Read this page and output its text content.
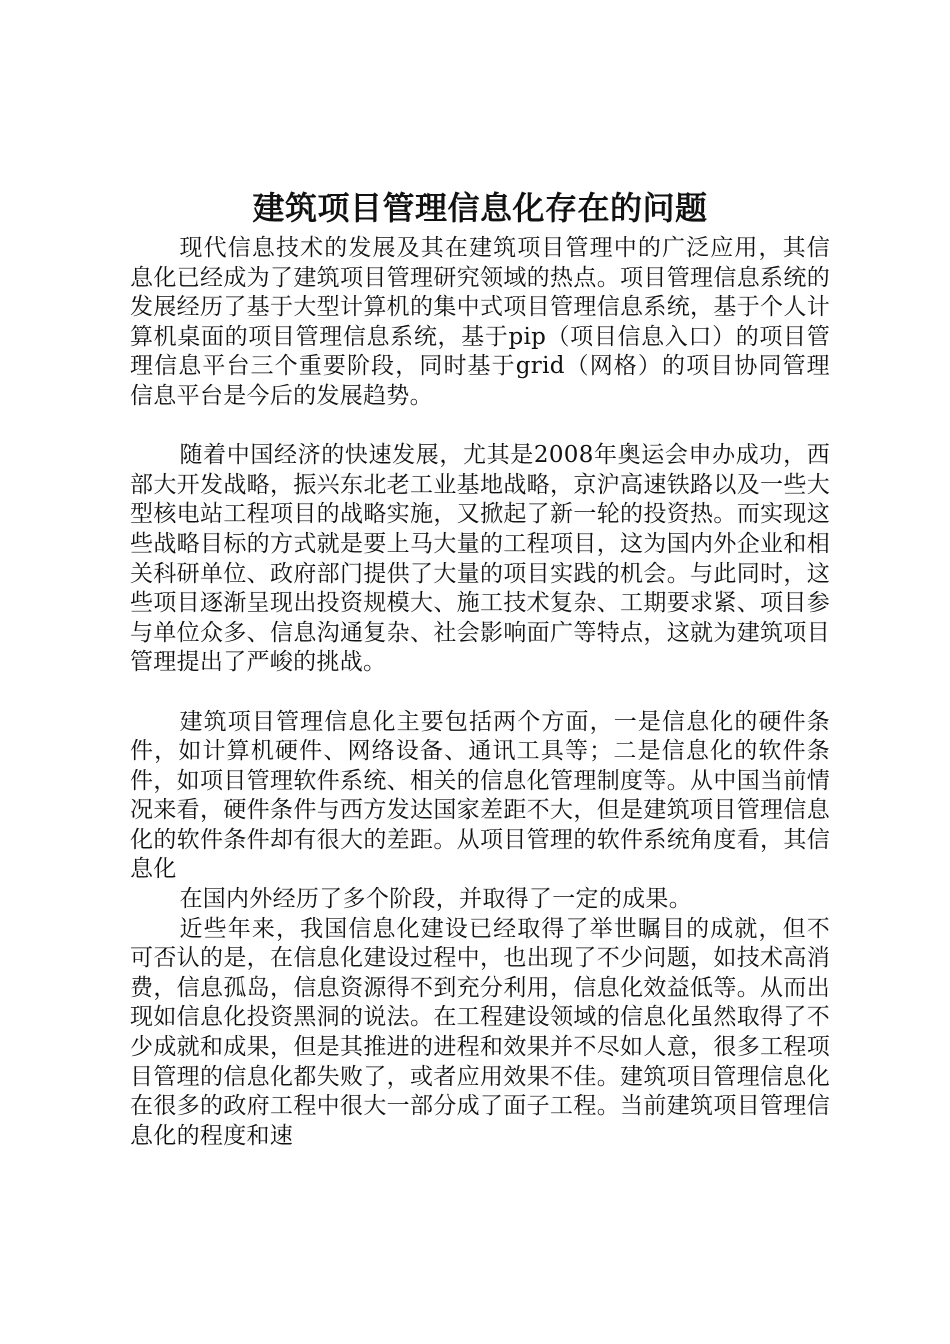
建筑项目管理信息化存在的问题

现代信息技术的发展及其在建筑项目管理中的广泛应用，其信息化已经成为了建筑项目管理研究领域的热点。项目管理信息系统的发展经历了基于大型计算机的集中式项目管理信息系统，基于个人计算机桌面的项目管理信息系统，基于pip（项目信息入口）的项目管理信息平台三个重要阶段，同时基于grid（网格）的项目协同管理信息平台是今后的发展趋势。

随着中国经济的快速发展，尤其是2008年奥运会申办成功，西部大开发战略，振兴东北老工业基地战略，京沪高速铁路以及一些大型核电站工程项目的战略实施，又掀起了新一轮的投资热。而实现这些战略目标的方式就是要上马大量的工程项目，这为国内外企业和相关科研单位、政府部门提供了大量的项目实践的机会。与此同时，这些项目逐渐呈现出投资规模大、施工技术复杂、工期要求紧、项目参与单位众多、信息沟通复杂、社会影响面广等特点，这就为建筑项目管理提出了严峻的挑战。

建筑项目管理信息化主要包括两个方面，一是信息化的硬件条件，如计算机硬件、网络设备、通讯工具等；二是信息化的软件条件，如项目管理软件系统、相关的信息化管理制度等。从中国当前情况来看，硬件条件与西方发达国家差距不大，但是建筑项目管理信息化的软件条件却有很大的差距。从项目管理的软件系统角度看，其信息化

在国内外经历了多个阶段，并取得了一定的成果。

近些年来，我国信息化建设已经取得了举世瞩目的成就，但不可否认的是，在信息化建设过程中，也出现了不少问题，如技术高消费，信息孤岛，信息资源得不到充分利用，信息化效益低等。从而出现如信息化投资黑洞的说法。在工程建设领域的信息化虽然取得了不少成就和成果，但是其推进的进程和效果并不尽如人意，很多工程项目管理的信息化都失败了，或者应用效果不佳。建筑项目管理信息化在很多的政府工程中很大一部分成了面子工程。当前建筑项目管理信息化的程度和速
